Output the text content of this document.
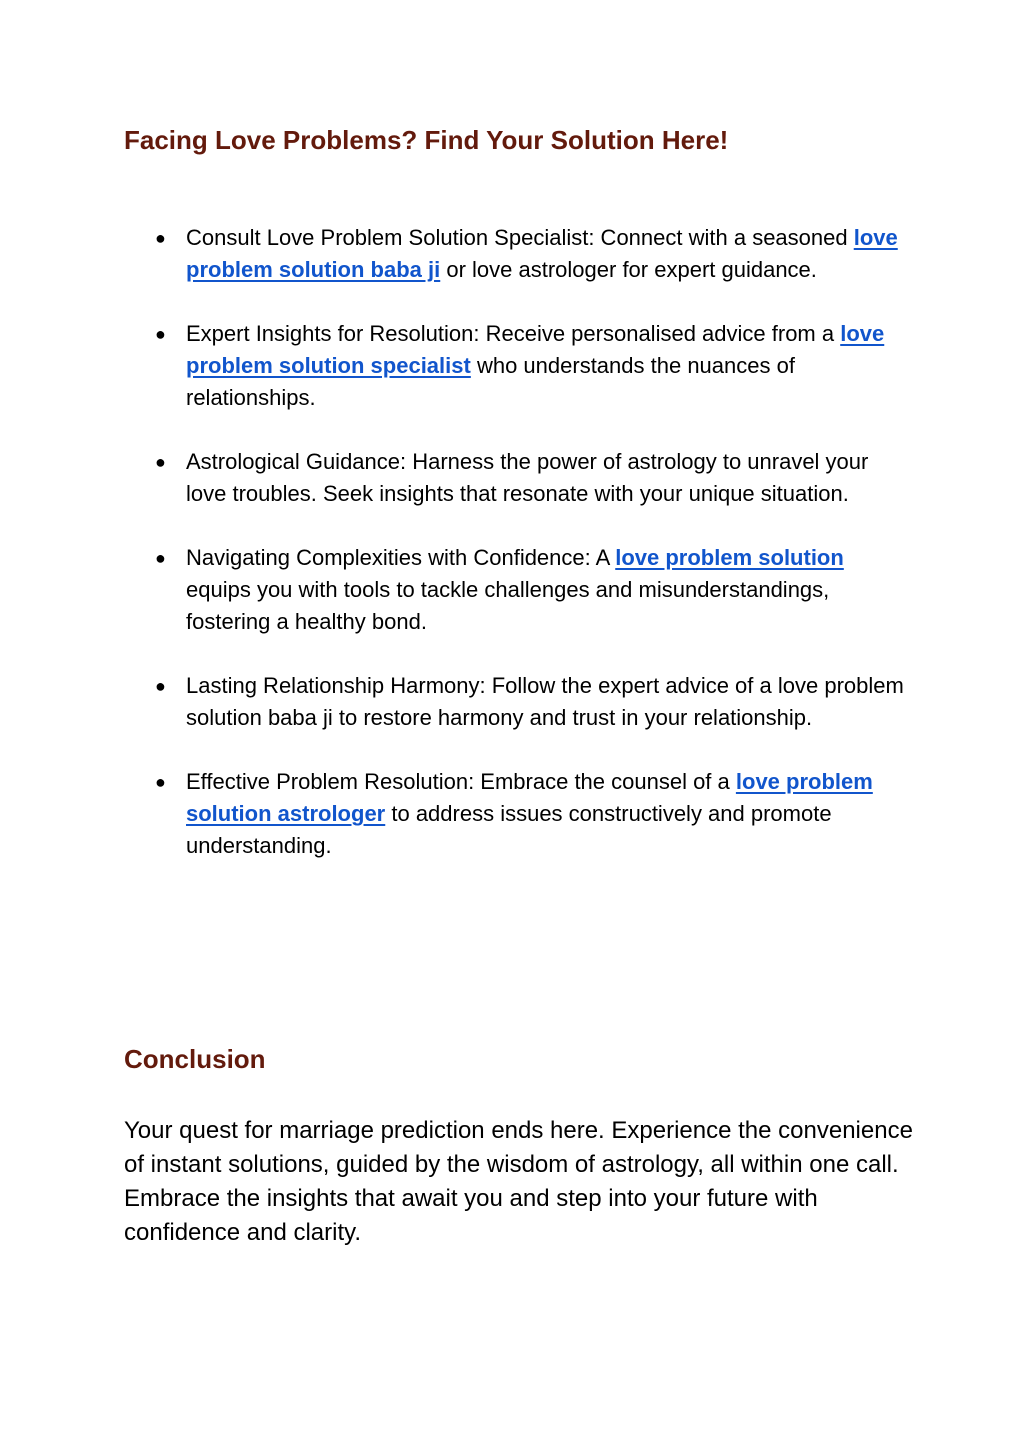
Facing Love Problems? Find Your Solution Here!
● Consult Love Problem Solution Specialist: Connect with a seasoned love problem solution baba ji or love astrologer for expert guidance.
● Expert Insights for Resolution: Receive personalised advice from a love problem solution specialist who understands the nuances of relationships.
● Astrological Guidance: Harness the power of astrology to unravel your love troubles. Seek insights that resonate with your unique situation.
● Navigating Complexities with Confidence: A love problem solution equips you with tools to tackle challenges and misunderstandings, fostering a healthy bond.
● Lasting Relationship Harmony: Follow the expert advice of a love problem solution baba ji to restore harmony and trust in your relationship.
● Effective Problem Resolution: Embrace the counsel of a love problem solution astrologer to address issues constructively and promote understanding.
Conclusion

Your quest for marriage prediction ends here. Experience the convenience of instant solutions, guided by the wisdom of astrology, all within one call. Embrace the insights that await you and step into your future with confidence and clarity.
